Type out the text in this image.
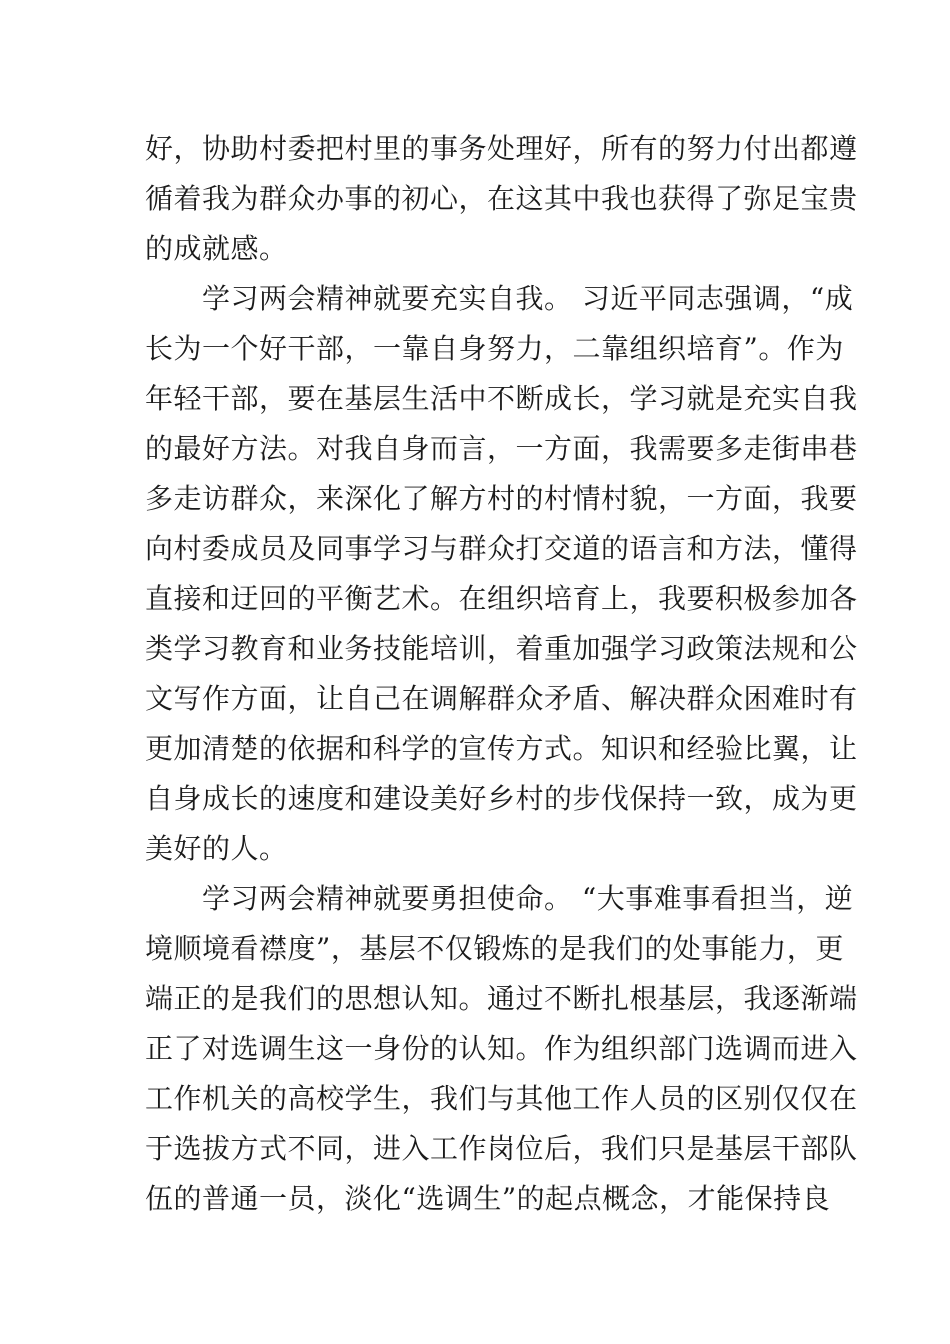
好，协助村委把村里的事务处理好，所有的努力付出都遵
循着我为群众办事的初心，在这其中我也获得了弥足宝贵
的成就感。
　　学习两会精神就要充实自我。 习近平同志强调，“成
长为一个好干部，一靠自身努力，二靠组织培育”。作为
年轻干部，要在基层生活中不断成长，学习就是充实自我
的最好方法。对我自身而言，一方面，我需要多走街串巷
多走访群众，来深化了解方村的村情村貌，一方面，我要
向村委成员及同事学习与群众打交道的语言和方法，懂得
直接和迂回的平衡艺术。在组织培育上，我要积极参加各
类学习教育和业务技能培训，着重加强学习政策法规和公
文写作方面，让自己在调解群众矛盾、解决群众困难时有
更加清楚的依据和科学的宣传方式。知识和经验比翼，让
自身成长的速度和建设美好乡村的步伐保持一致，成为更
美好的人。
　　学习两会精神就要勇担使命。 “大事难事看担当，逆
境顺境看襟度”，基层不仅锻炼的是我们的处事能力，更
端正的是我们的思想认知。通过不断扎根基层，我逐渐端
正了对选调生这一身份的认知。作为组织部门选调而进入
工作机关的高校学生，我们与其他工作人员的区别仅仅在
于选拔方式不同，进入工作岗位后，我们只是基层干部队
伍的普通一员，淡化“选调生”的起点概念，才能保持良
